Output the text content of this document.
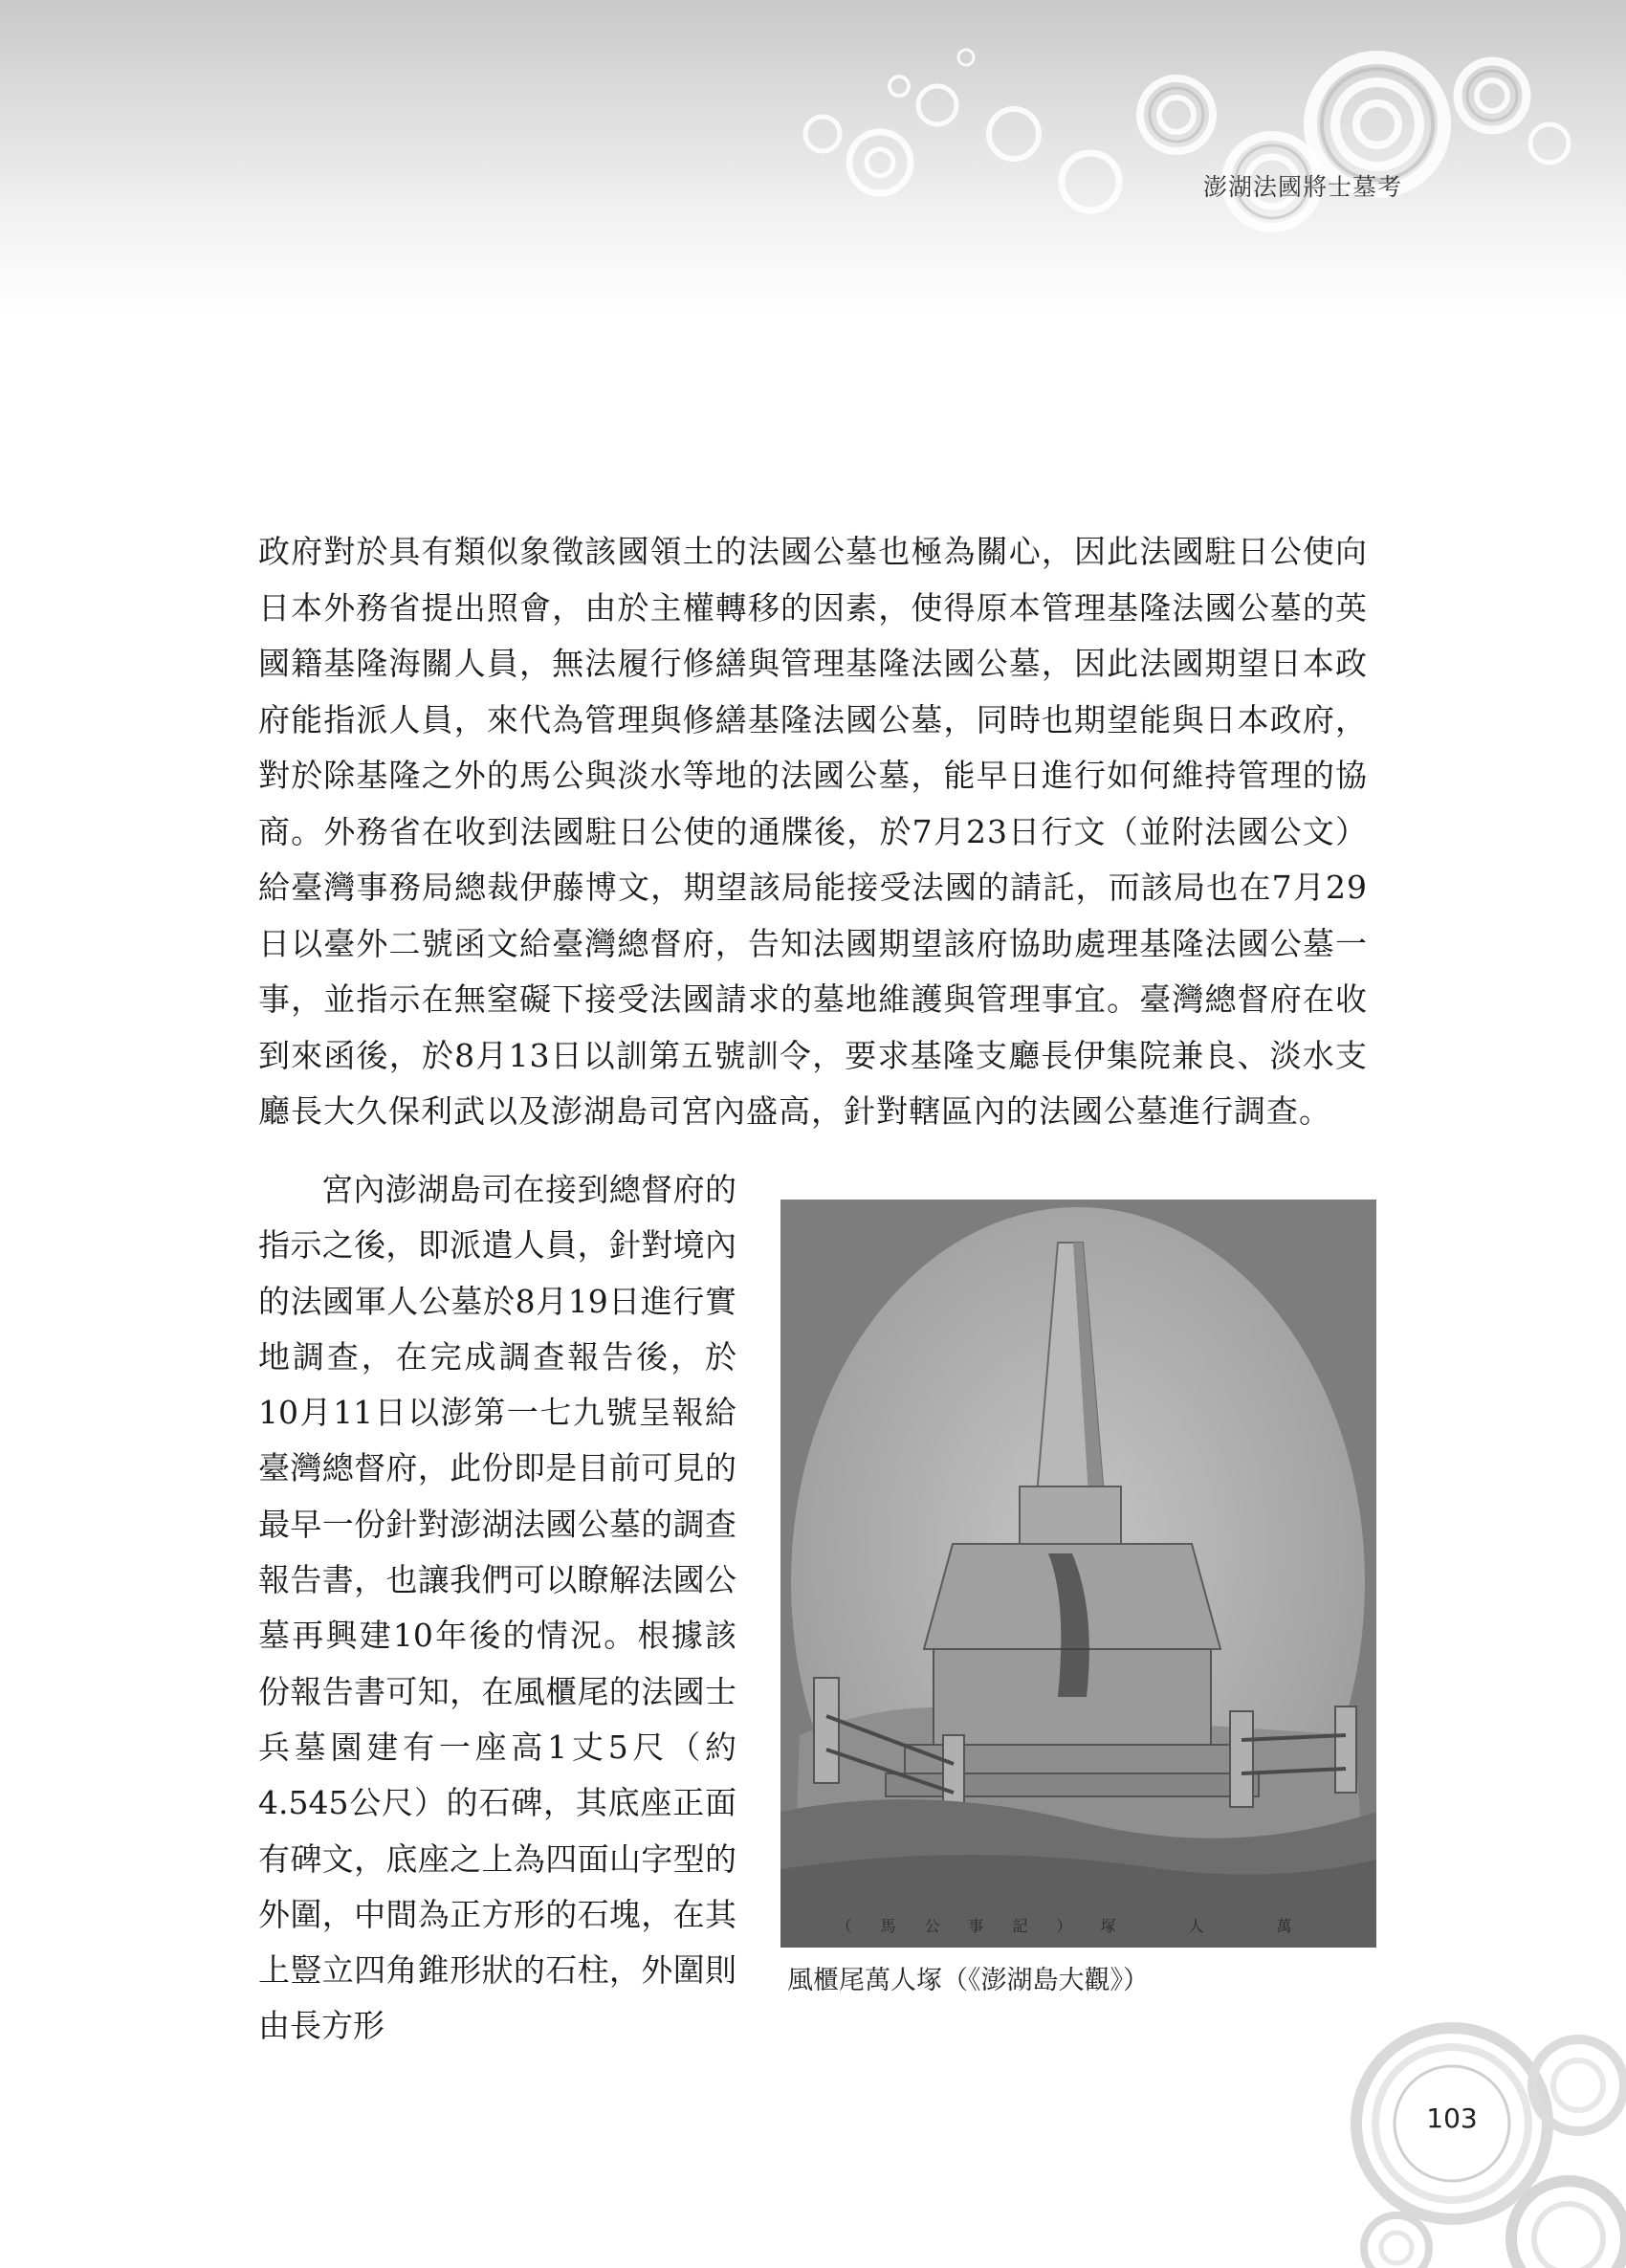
澎湖法國將士墓考

政府對於具有類似象徵該國領土的法國公墓也極為關心，因此法國駐日公使向日本外務省提出照會，由於主權轉移的因素，使得原本管理基隆法國公墓的英國籍基隆海關人員，無法履行修繕與管理基隆法國公墓，因此法國期望日本政府能指派人員，來代為管理與修繕基隆法國公墓，同時也期望能與日本政府，對於除基隆之外的馬公與淡水等地的法國公墓，能早日進行如何維持管理的協商。外務省在收到法國駐日公使的通牒後，於7月23日行文（並附法國公文）給臺灣事務局總裁伊藤博文，期望該局能接受法國的請託，而該局也在7月29日以臺外二號函文給臺灣總督府，告知法國期望該府協助處理基隆法國公墓一事，並指示在無窒礙下接受法國請求的墓地維護與管理事宜。臺灣總督府在收到來函後，於8月13日以訓第五號訓令，要求基隆支廳長伊集院兼良、淡水支廳長大久保利武以及澎湖島司宮內盛高，針對轄區內的法國公墓進行調查。

宮內澎湖島司在接到總督府的指示之後，即派遣人員，針對境內的法國軍人公墓於8月19日進行實地調查，在完成調查報告後，於10月11日以澎第一七九號呈報給臺灣總督府，此份即是目前可見的最早一份針對澎湖法國公墓的調查報告書，也讓我們可以瞭解法國公墓再興建10年後的情況。根據該份報告書可知，在風櫃尾的法國士兵墓園建有一座高1丈5尺（約4.545公尺）的石碑，其底座正面有碑文，底座之上為四面山字型的外圍，中間為正方形的石塊，在其上豎立四角錐形狀的石柱，外圍則由長方形

（馬公事記）塚　人　萬
風櫃尾萬人塚（《澎湖島大觀》）
103
